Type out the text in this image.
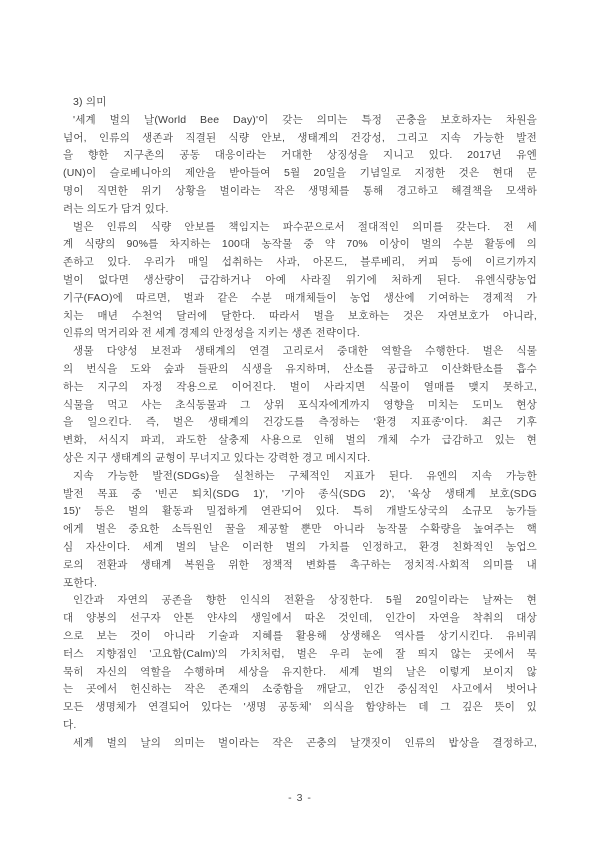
3) 의미
'세계 벌의 날(World Bee Day)'이 갖는 의미는 특정 곤충을 보호하자는 차원을
넘어, 인류의 생존과 직결된 식량 안보, 생태계의 건강성, 그리고 지속 가능한 발전
을 향한 지구촌의 공동 대응이라는 거대한 상징성을 지니고 있다. 2017년 유엔
(UN)이 슬로베니아의 제안을 받아들여 5월 20일을 기념일로 지정한 것은 현대 문
명이 직면한 위기 상황을 벌이라는 작은 생명체를 통해 경고하고 해결책을 모색하
려는 의도가 담겨 있다.
벌은 인류의 식량 안보를 책임지는 파수꾼으로서 절대적인 의미를 갖는다. 전 세
계 식량의 90%를 차지하는 100대 농작물 중 약 70% 이상이 벌의 수분 활동에 의
존하고 있다. 우리가 매일 섭취하는 사과, 아몬드, 블루베리, 커피 등에 이르기까지
벌이 없다면 생산량이 급감하거나 아예 사라질 위기에 처하게 된다. 유엔식량농업
기구(FAO)에 따르면, 벌과 같은 수분 매개체들이 농업 생산에 기여하는 경제적 가
치는 매년 수천억 달러에 달한다. 따라서 벌을 보호하는 것은 자연보호가 아니라,
인류의 먹거리와 전 세계 경제의 안정성을 지키는 생존 전략이다.
생물 다양성 보전과 생태계의 연결 고리로서 중대한 역할을 수행한다. 벌은 식물
의 번식을 도와 숲과 들판의 식생을 유지하며, 산소를 공급하고 이산화탄소를 흡수
하는 지구의 자정 작용으로 이어진다. 벌이 사라지면 식물이 열매를 맺지 못하고,
식물을 먹고 사는 초식동물과 그 상위 포식자에게까지 영향을 미치는 도미노 현상
을 일으킨다. 즉, 벌은 생태계의 건강도를 측정하는 '환경 지표종'이다. 최근 기후
변화, 서식지 파괴, 과도한 살충제 사용으로 인해 벌의 개체 수가 급감하고 있는 현
상은 지구 생태계의 균형이 무너지고 있다는 강력한 경고 메시지다.
지속 가능한 발전(SDGs)을 실천하는 구체적인 지표가 된다. 유엔의 지속 가능한
발전 목표 중 '빈곤 퇴치(SDG 1)', '기아 종식(SDG 2)', '육상 생태계 보호(SDG
15)' 등은 벌의 활동과 밀접하게 연관되어 있다. 특히 개발도상국의 소규모 농가들
에게 벌은 중요한 소득원인 꿀을 제공할 뿐만 아니라 농작물 수확량을 높여주는 핵
심 자산이다. 세계 벌의 날은 이러한 벌의 가치를 인정하고, 환경 친화적인 농업으
로의 전환과 생태계 복원을 위한 정책적 변화를 촉구하는 정치적·사회적 의미를 내
포한다.
인간과 자연의 공존을 향한 인식의 전환을 상징한다. 5월 20일이라는 날짜는 현
대 양봉의 선구자 안톤 얀샤의 생일에서 따온 것인데, 인간이 자연을 착취의 대상
으로 보는 것이 아니라 기술과 지혜를 활용해 상생해온 역사를 상기시킨다. 유비쿼
터스 지향점인 '고요함(Calm)'의 가치처럼, 벌은 우리 눈에 잘 띄지 않는 곳에서 묵
묵히 자신의 역할을 수행하며 세상을 유지한다. 세계 벌의 날은 이렇게 보이지 않
는 곳에서 헌신하는 작은 존재의 소중함을 깨닫고, 인간 중심적인 사고에서 벗어나
모든 생명체가 연결되어 있다는 '생명 공동체' 의식을 함양하는 데 그 깊은 뜻이 있
다.
세계 벌의 날의 의미는 벌이라는 작은 곤충의 날갯짓이 인류의 밥상을 결정하고,
- 3 -
